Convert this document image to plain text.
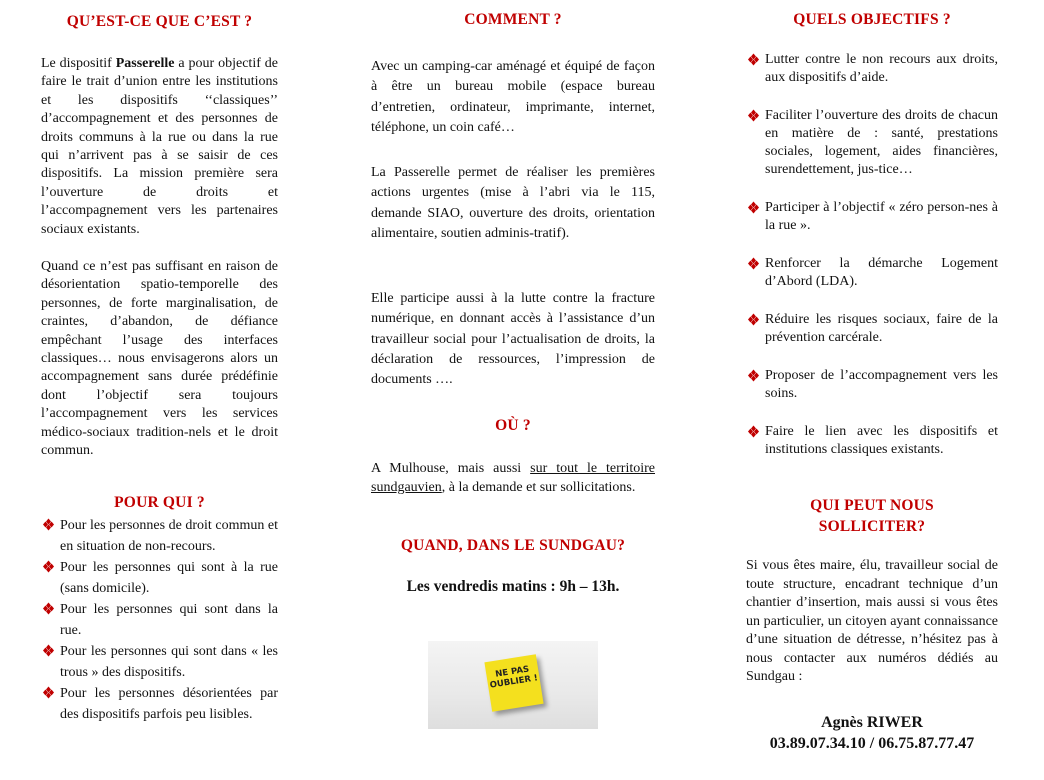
QU’EST-CE QUE C’EST ?

Le dispositif Passerelle a pour objectif de faire le trait d’union entre les institutions et les dispositifs ‘‘classiques’’ d’accompagnement et des personnes de droits communs à la rue ou dans la rue qui n’arrivent pas à se saisir de ces dispositifs. La mission première sera l’ouverture de droits et l’accompagnement vers les partenaires sociaux existants.

Quand ce n’est pas suffisant en raison de désorientation spatio-temporelle des personnes, de forte marginalisation, de craintes, d’abandon, de défiance empêchant l’usage des interfaces classiques… nous envisagerons alors un accompagnement sans durée prédéfinie dont l’objectif sera toujours l’accompagnement vers les services médico-sociaux tradition-nels et le droit commun.

POUR QUI ?
Pour les personnes de droit commun et en situation de non-recours.
Pour les personnes qui sont à la rue (sans domicile).
Pour les personnes qui sont dans la rue.
Pour les personnes qui sont dans « les trous » des dispositifs.
Pour les personnes désorientées par des dispositifs parfois peu lisibles.
COMMENT ?

Avec un camping-car aménagé et équipé de façon à être un bureau mobile (espace bureau d’entretien, ordinateur, imprimante, internet, téléphone, un coin café…

La Passerelle permet de réaliser les premières actions urgentes (mise à l’abri via le 115, demande SIAO, ouverture des droits, orientation alimentaire, soutien adminis-tratif).

Elle participe aussi à la lutte contre la fracture numérique, en donnant accès à l’assistance d’un travailleur social pour l’actualisation de droits, la déclaration de ressources, l’impression de documents ….

OÙ ?

A Mulhouse, mais aussi sur tout le territoire sundgauvien, à la demande et sur sollicitations.

QUAND, DANS LE SUNDGAU?

Les vendredis matins : 9h – 13h.

NE PAS OUBLIER !
QUELS OBJECTIFS ?
Lutter contre le non recours aux droits, aux dispositifs d’aide.
Faciliter l’ouverture des droits de chacun en matière de : santé, prestations sociales, logement, aides financières, surendettement, jus-tice…
Participer à l’objectif « zéro person-nes à la rue ».
Renforcer la démarche Logement d’Abord (LDA).
Réduire les risques sociaux, faire de la prévention carcérale.
Proposer de l’accompagnement vers les soins.
Faire le lien avec les dispositifs et institutions classiques existants.
QUI PEUT NOUS
SOLLICITER?

Si vous êtes maire, élu, travailleur social de toute structure, encadrant technique d’un chantier d’insertion, mais aussi si vous êtes un particulier, un citoyen ayant connaissance d’une situation de détresse, n’hésitez pas à nous contacter aux numéros dédiés au Sundgau :

Agnès RIWER

03.89.07.34.10 / 06.75.87.77.47
